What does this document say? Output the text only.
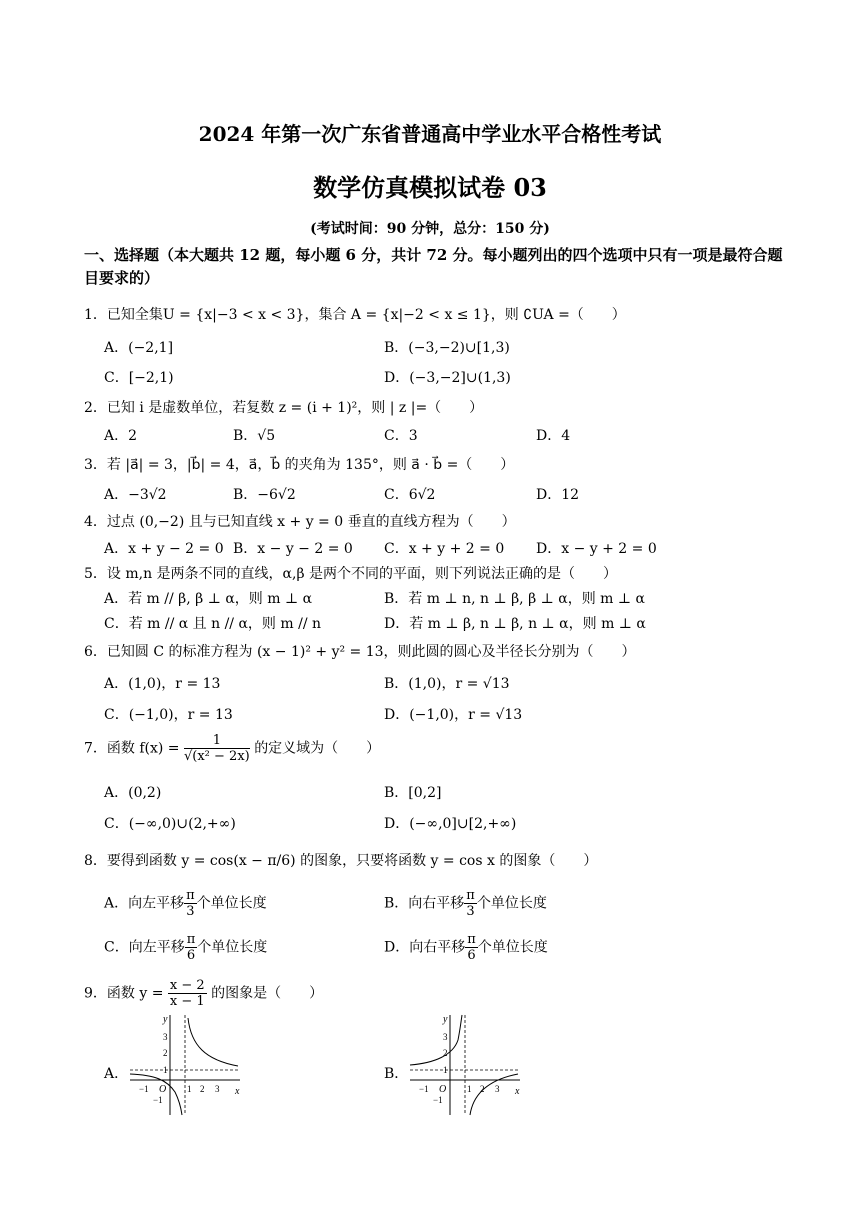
2024 年第一次广东省普通高中学业水平合格性考试
数学仿真模拟试卷 03
(考试时间：90 分钟，总分：150 分)
一、选择题（本大题共 12 题，每小题 6 分，共计 72 分。每小题列出的四个选项中只有一项是最符合题目要求的）
1．已知全集U = {x|−3 < x < 3}，集合 A = {x|−2 < x ≤ 1}，则 ∁UA =（　　）
A．(−2,1]	B．(−3,−2)∪[1,3)
C．[−2,1)	D．(−3,−2]∪(1,3)
2．已知 i 是虚数单位，若复数 z = (i + 1)²，则 | z |=（　　）
A．2	B．√5	C．3	D．4
3．若 |a⃗| = 3，|b⃗| = 4，a⃗，b⃗ 的夹角为 135°，则 a⃗ · b⃗ =（　　）
A．−3√2	B．−6√2	C．6√2	D．12
4．过点 (0,−2) 且与已知直线 x + y = 0 垂直的直线方程为（　　）
A．x + y − 2 = 0 B．x − y − 2 = 0 C．x + y + 2 = 0 D．x − y + 2 = 0
5．设 m,n 是两条不同的直线，α,β 是两个不同的平面，则下列说法正确的是（　　）
A．若 m // β, β ⊥ α，则 m ⊥ α	B．若 m ⊥ n, n ⊥ β, β ⊥ α，则 m ⊥ α
C．若 m // α 且 n // α，则 m // n	D．若 m ⊥ β, n ⊥ β, n ⊥ α，则 m ⊥ α
6．已知圆 C 的标准方程为 (x − 1)² + y² = 13，则此圆的圆心及半径长分别为（　　）
A．(1,0)，r = 13	B．(1,0)，r = √13
C．(−1,0)，r = 13	D．(−1,0)，r = √13
7．函数 $f(x) = \frac{1}{\text{√(x² − 2x)}}$ 的定义域为（　　）
A．(0,2)	B．[0,2]
C．(−∞,0)∪(2,+∞)	D．(−∞,0]∪[2,+∞)
8．要得到函数 y = cos(x − π/6) 的图象，只要将函数 y = cos x 的图象（　　）
A．向左平移 $\frac{\pi}{3}$ 个单位长度	B．向右平移 $\frac{\pi}{3}$ 个单位长度
C．向左平移 $\frac{\pi}{6}$ 个单位长度	D．向右平移 $\frac{\pi}{6}$ 个单位长度
9．函数 $y = \frac{x - 2}{x - 1}$ 的图象是（　　）
A．	B．
y
x
O
−1	1 2 3
−1
1
2
3
y
x
O
−1	1 2 3
−1
1
2
3
